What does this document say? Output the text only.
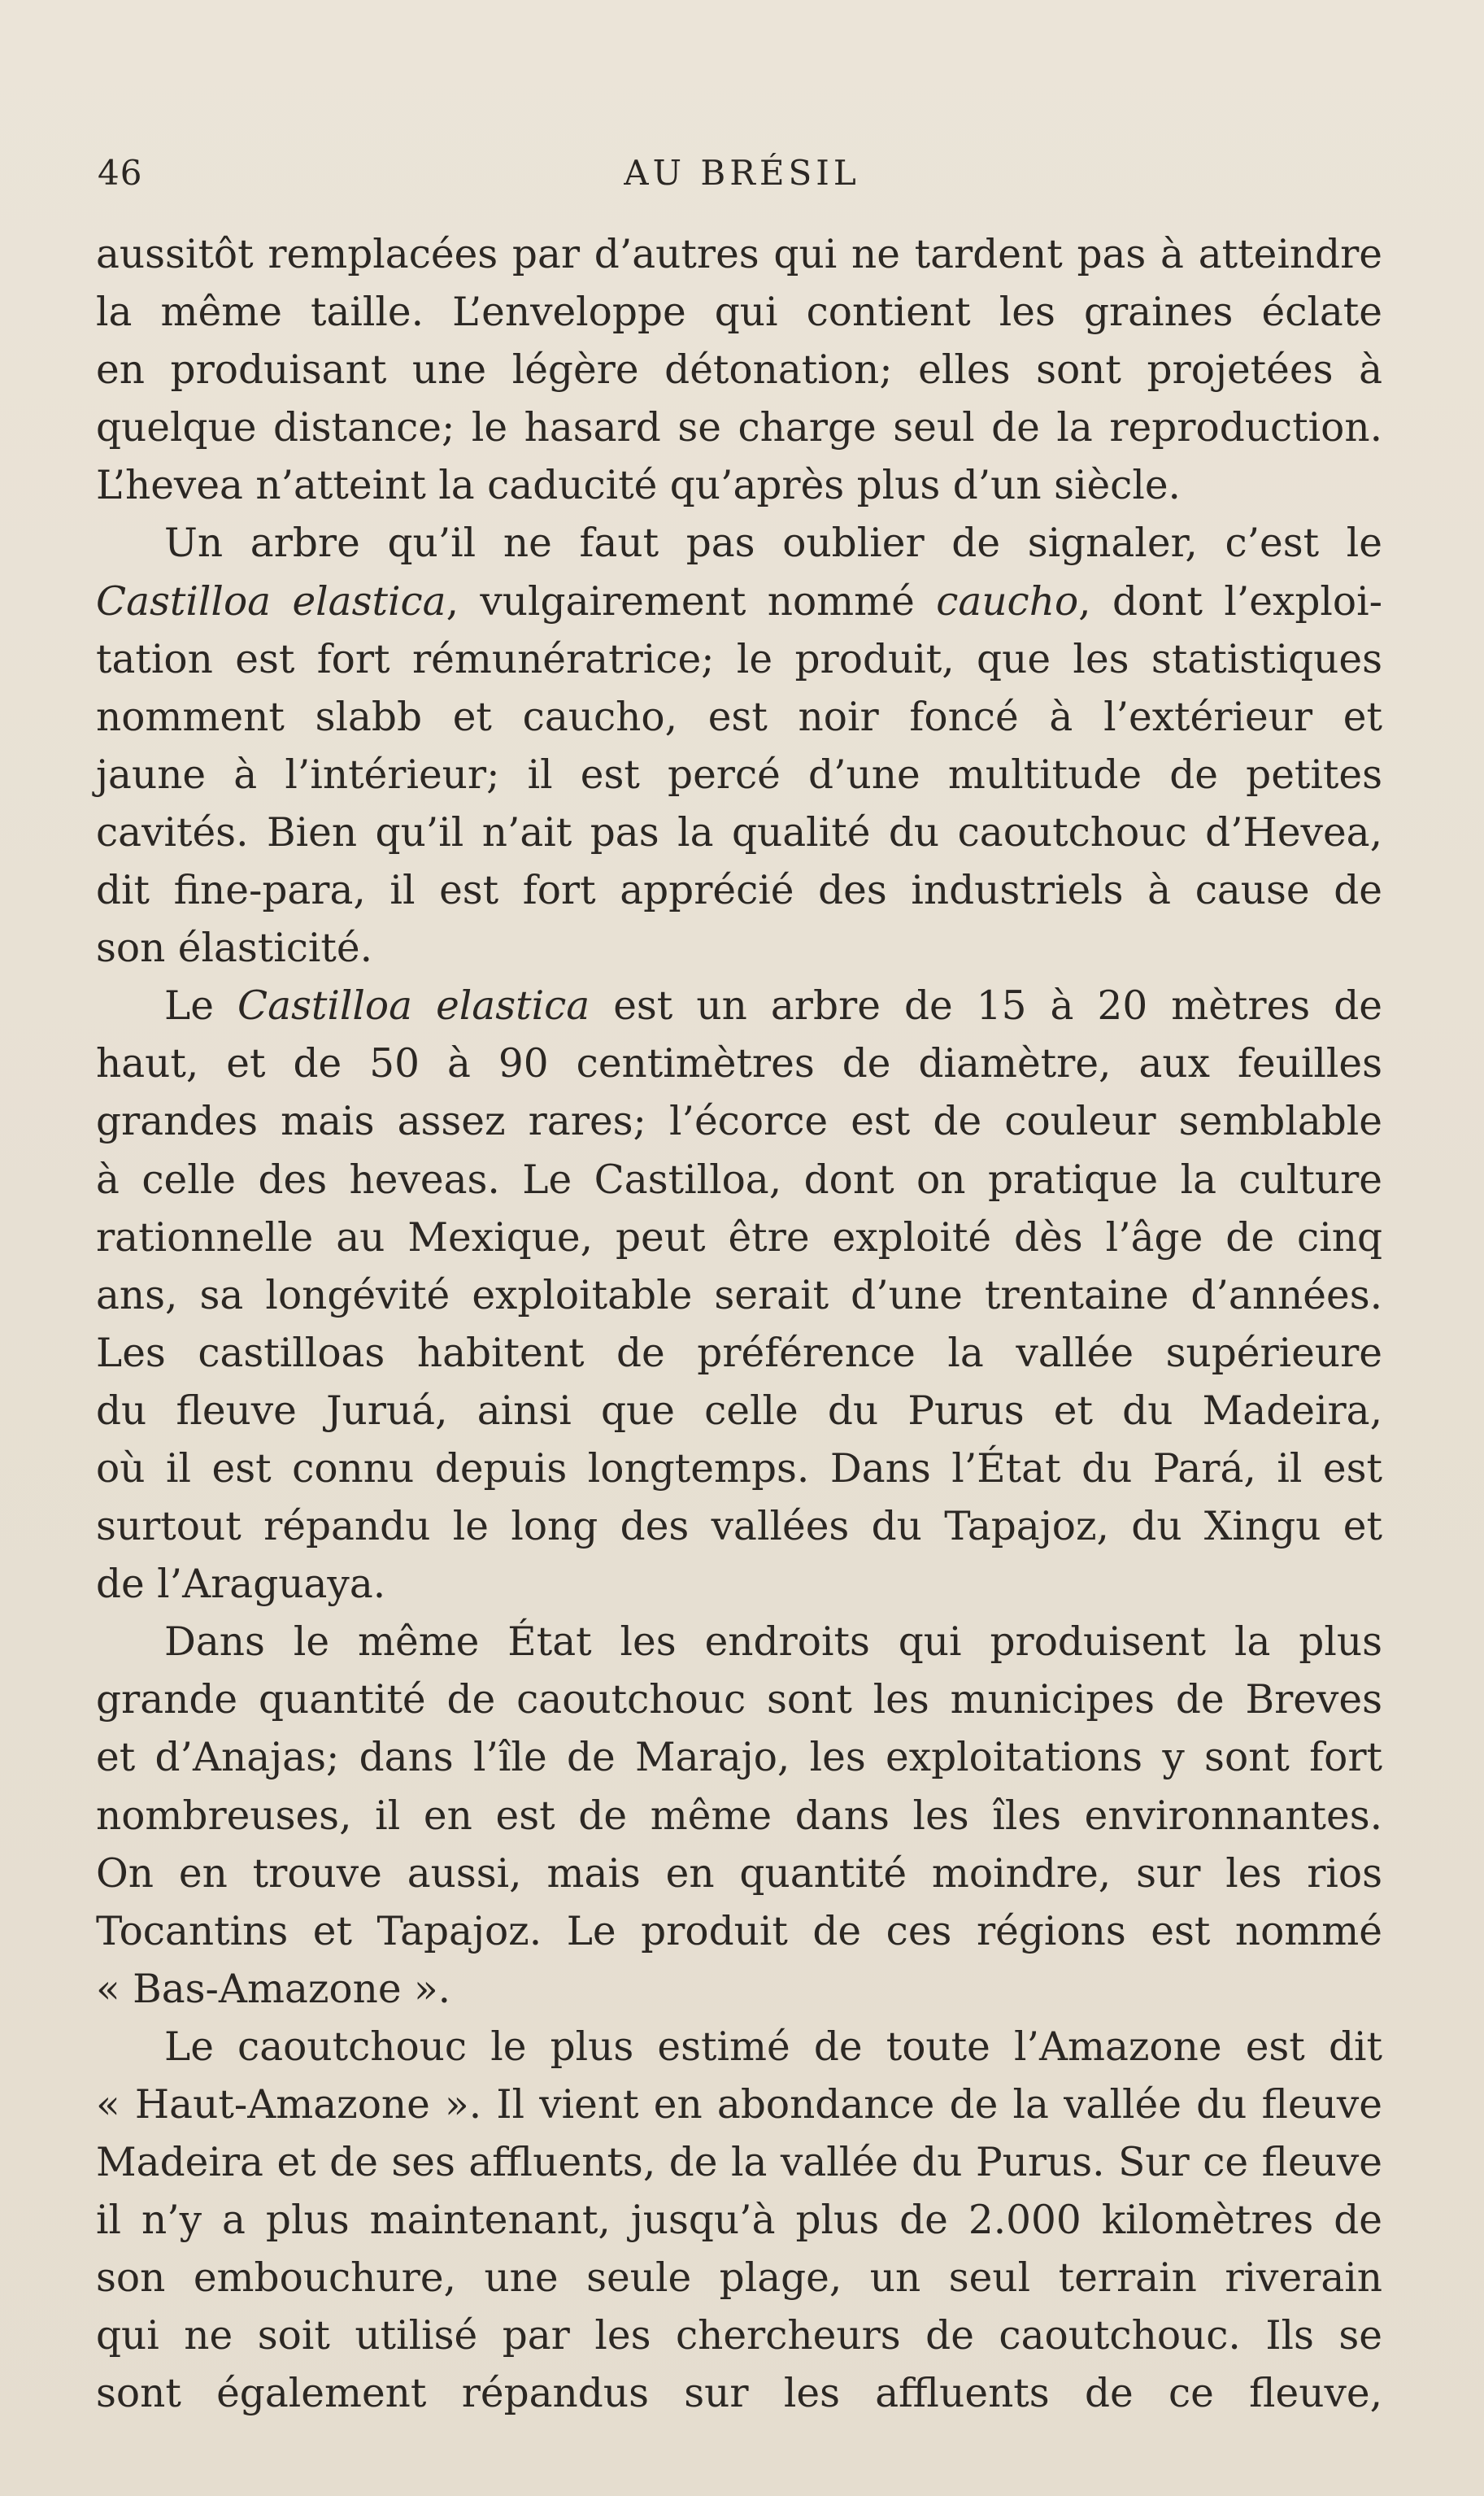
46	AU BRÉSIL
aussitôt remplacées par d’autres qui ne tardent pas à atteindre
la même taille. L’enveloppe qui contient les graines éclate
en produisant une légère détonation; elles sont projetées à
quelque distance; le hasard se charge seul de la reproduction.
L’hevea n’atteint la caducité qu’après plus d’un siècle.
Un arbre qu’il ne faut pas oublier de signaler, c’est le
Castilloa elastica, vulgairement nommé caucho, dont l’exploi-
tation est fort rémunératrice; le produit, que les statistiques
nomment slabb et caucho, est noir foncé à l’extérieur et
jaune à l’intérieur; il est percé d’une multitude de petites
cavités. Bien qu’il n’ait pas la qualité du caoutchouc d’Hevea,
dit fine-para, il est fort apprécié des industriels à cause de
son élasticité.
Le Castilloa elastica est un arbre de 15 à 20 mètres de
haut, et de 50 à 90 centimètres de diamètre, aux feuilles
grandes mais assez rares; l’écorce est de couleur semblable
à celle des heveas. Le Castilloa, dont on pratique la culture
rationnelle au Mexique, peut être exploité dès l’âge de cinq
ans, sa longévité exploitable serait d’une trentaine d’années.
Les castilloas habitent de préférence la vallée supérieure
du fleuve Juruá, ainsi que celle du Purus et du Madeira,
où il est connu depuis longtemps. Dans l’État du Pará, il est
surtout répandu le long des vallées du Tapajoz, du Xingu et
de l’Araguaya.
Dans le même État les endroits qui produisent la plus
grande quantité de caoutchouc sont les municipes de Breves
et d’Anajas; dans l’île de Marajo, les exploitations y sont fort
nombreuses, il en est de même dans les îles environnantes.
On en trouve aussi, mais en quantité moindre, sur les rios
Tocantins et Tapajoz. Le produit de ces régions est nommé
« Bas-Amazone ».
Le caoutchouc le plus estimé de toute l’Amazone est dit
« Haut-Amazone ». Il vient en abondance de la vallée du fleuve
Madeira et de ses affluents, de la vallée du Purus. Sur ce fleuve
il n’y a plus maintenant, jusqu’à plus de 2.000 kilomètres de
son embouchure, une seule plage, un seul terrain riverain
qui ne soit utilisé par les chercheurs de caoutchouc. Ils se
sont également répandus sur les affluents de ce fleuve,
